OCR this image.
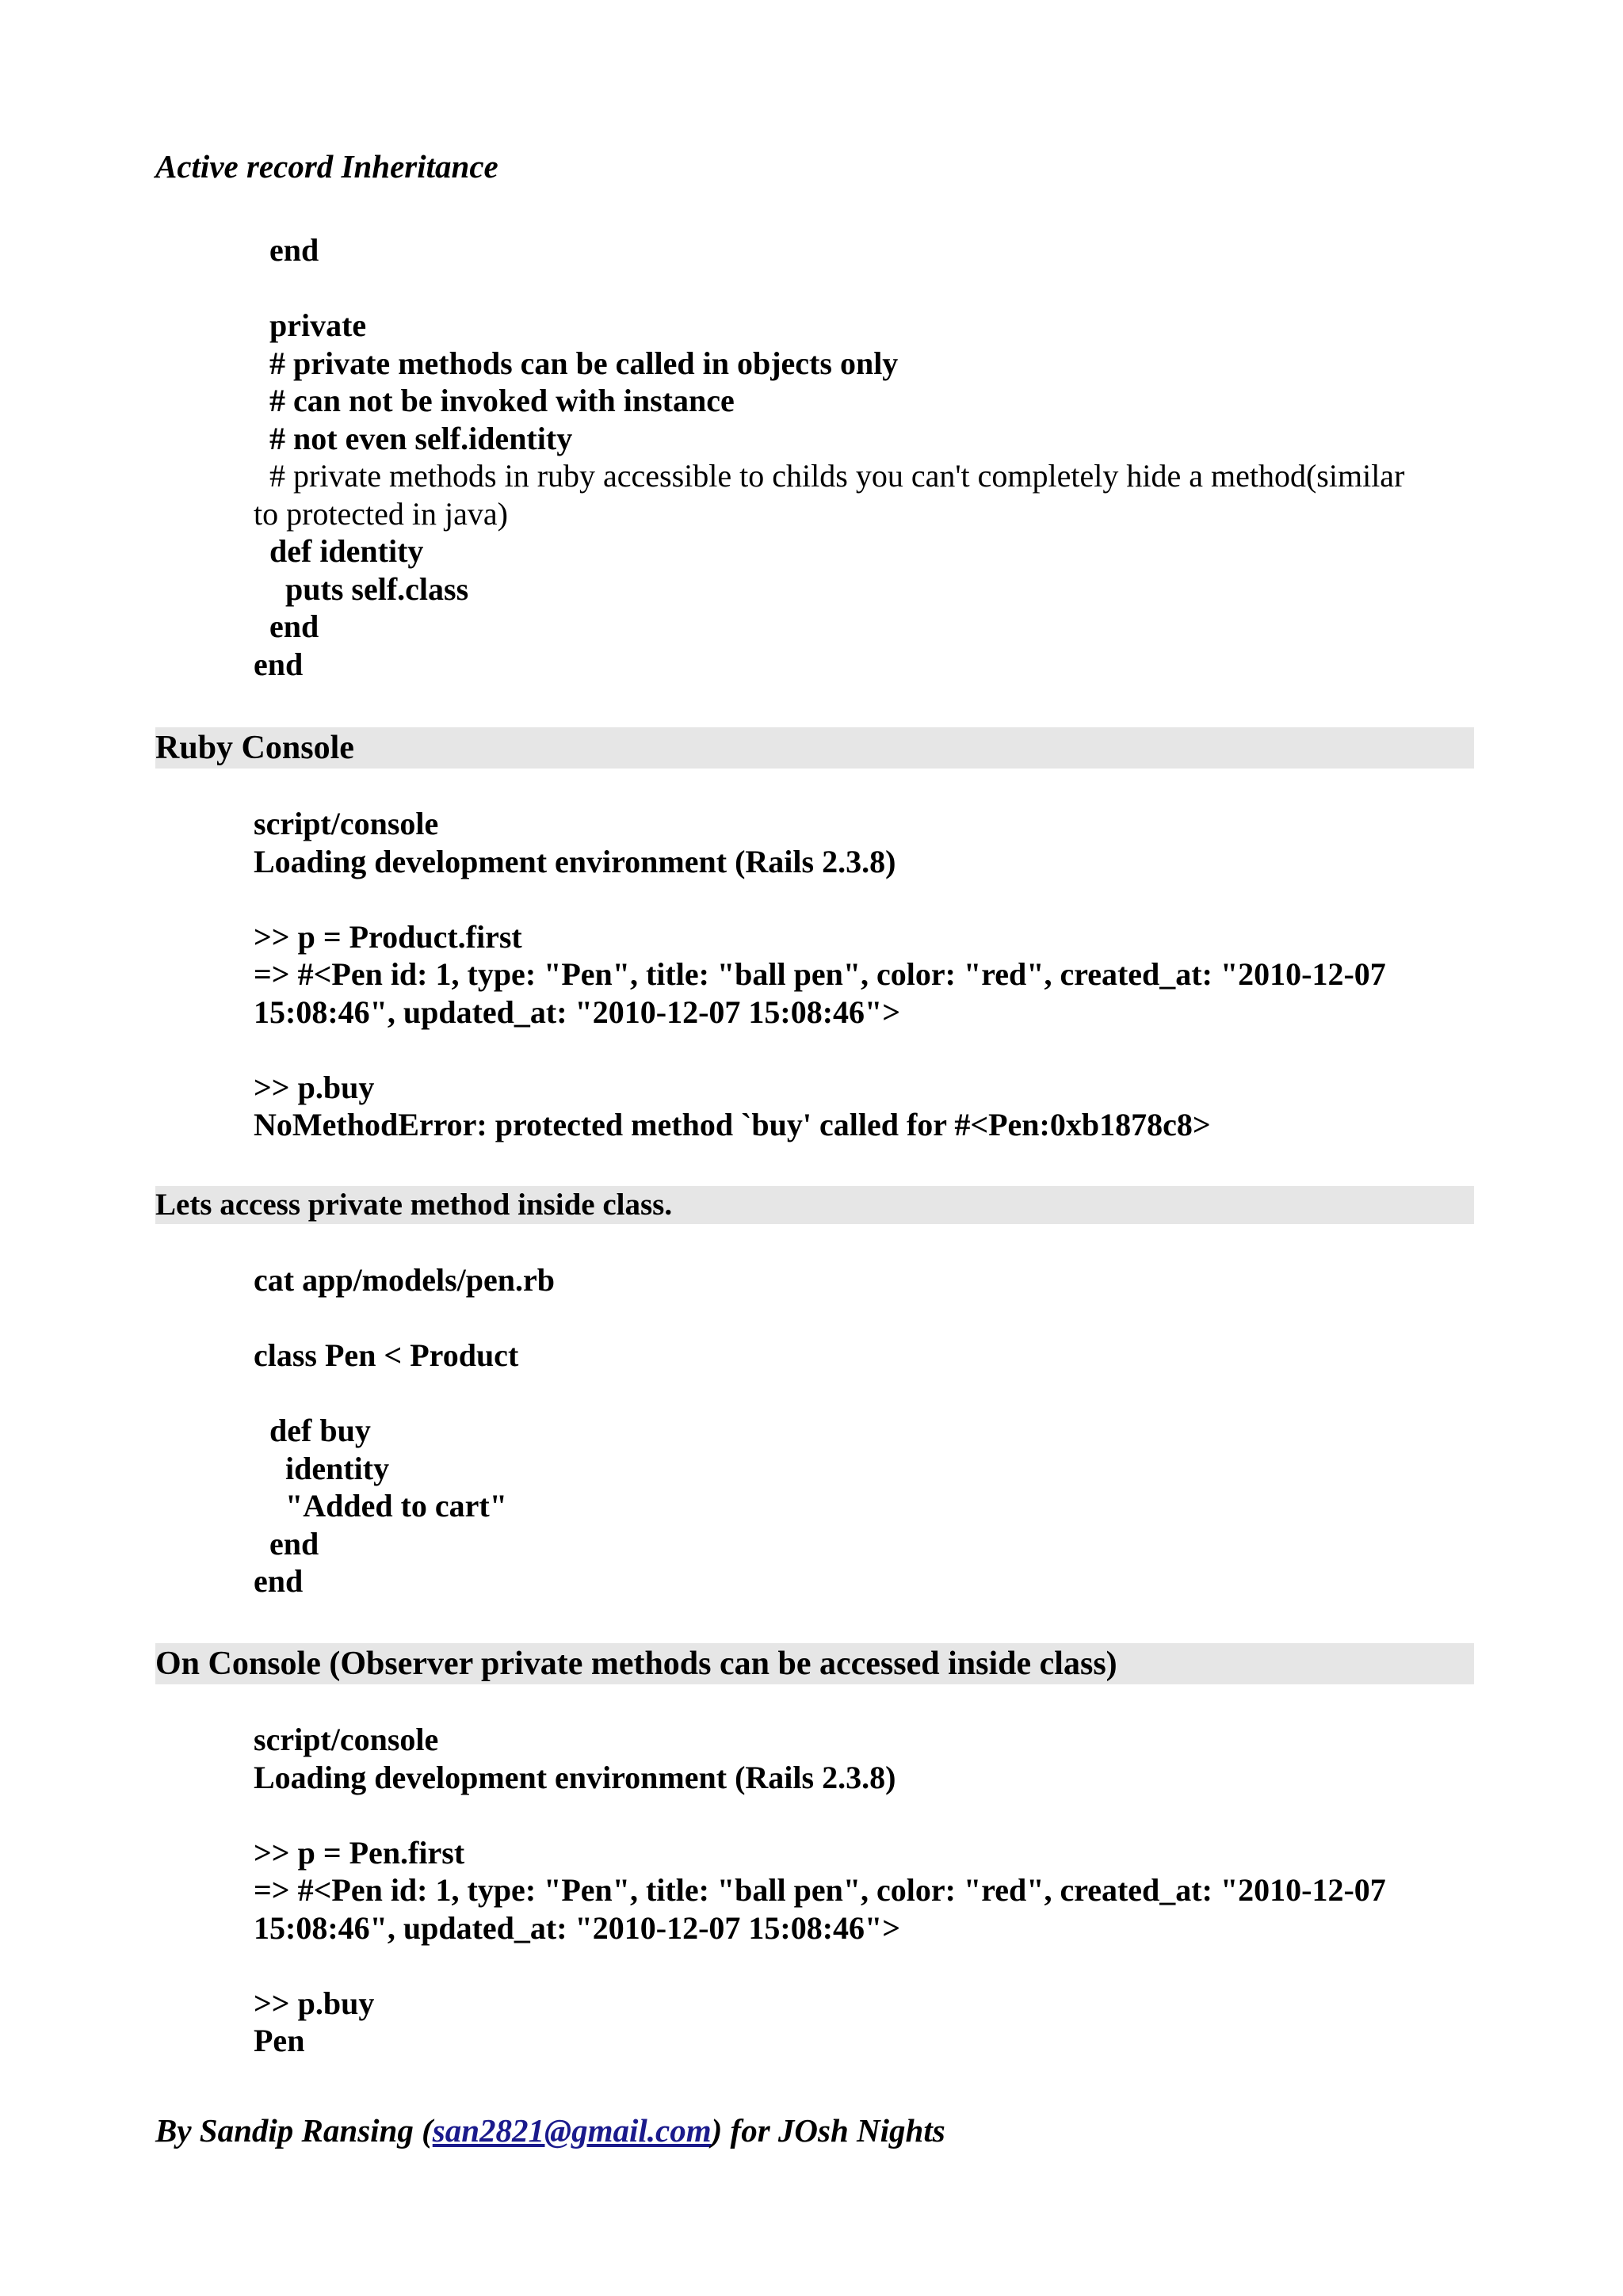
Active record Inheritance
end
private
# private methods can be called in objects only
# can not be invoked with instance
# not even self.identity
# private methods in ruby accessible to childs you can't completely hide a method(similar
to protected in java)
def identity
puts self.class
end
end
Ruby Console
script/console
Loading development environment (Rails 2.3.8)
>> p = Product.first
=> #<Pen id: 1, type: "Pen", title: "ball pen", color: "red", created_at: "2010-12-07
15:08:46", updated_at: "2010-12-07 15:08:46">
>> p.buy
NoMethodError: protected method `buy' called for #<Pen:0xb1878c8>
Lets access private method inside class.
cat app/models/pen.rb
class Pen < Product
def buy
identity
"Added to cart"
end
end
On Console (Observer private methods can be accessed inside class)
script/console
Loading development environment (Rails 2.3.8)
>> p = Pen.first
=> #<Pen id: 1, type: "Pen", title: "ball pen", color: "red", created_at: "2010-12-07
15:08:46", updated_at: "2010-12-07 15:08:46">
>> p.buy
Pen
By Sandip Ransing (san2821@gmail.com) for JOsh Nights
